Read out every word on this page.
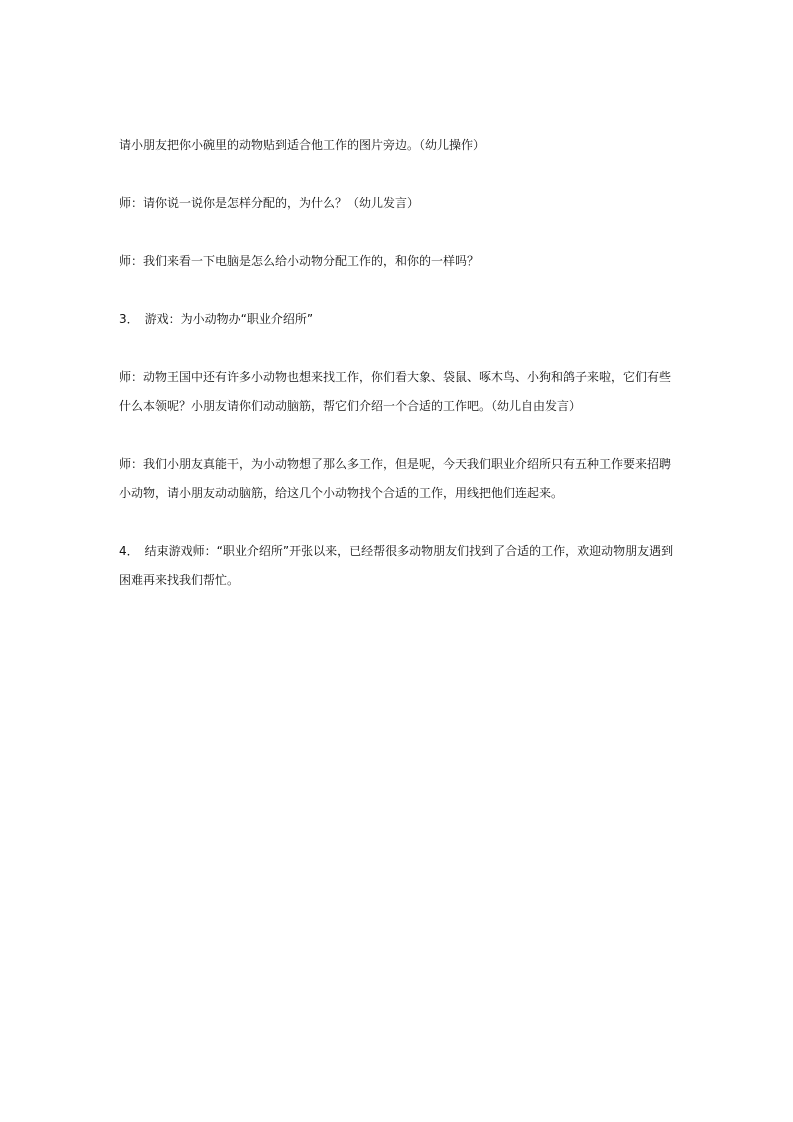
请小朋友把你小碗里的动物贴到适合他工作的图片旁边。（幼儿操作）

师：请你说一说你是怎样分配的，为什么？（幼儿发言）

师：我们来看一下电脑是怎么给小动物分配工作的，和你的一样吗？

3．　游戏：为小动物办“职业介绍所”

师：动物王国中还有许多小动物也想来找工作，你们看大象、袋鼠、啄木鸟、小狗和鸽子来啦，它们有些什么本领呢？小朋友请你们动动脑筋，帮它们介绍一个合适的工作吧。（幼儿自由发言）

师：我们小朋友真能干，为小动物想了那么多工作，但是呢，今天我们职业介绍所只有五种工作要来招聘小动物，请小朋友动动脑筋，给这几个小动物找个合适的工作，用线把他们连起来。

4．　结束游戏师：“职业介绍所”开张以来，已经帮很多动物朋友们找到了合适的工作，欢迎动物朋友遇到困难再来找我们帮忙。
